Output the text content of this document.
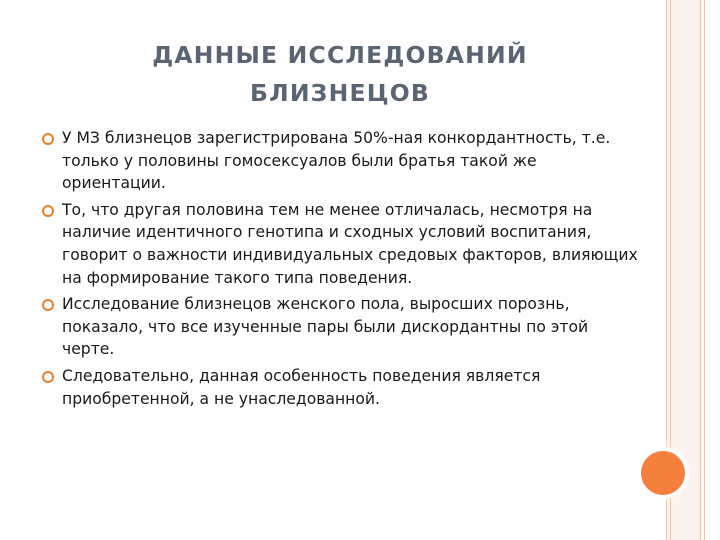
ДАННЫЕ ИССЛЕДОВАНИЙ
БЛИЗНЕЦОВ
У МЗ близнецов зарегистрирована 50%-ная конкордантность, т.е. только у половины гомосексуалов были братья такой же ориентации.
То, что другая половина тем не менее отличалась, несмотря на наличие идентичного генотипа и сходных условий воспитания, говорит о важности индивидуальных средовых факторов, влияющих на формирование такого типа поведения.
Исследование близнецов женского пола, выросших порознь, показало, что все изученные пары были дискордантны по этой черте.
Следовательно, данная особенность поведения является приобретенной, а не унаследованной.
